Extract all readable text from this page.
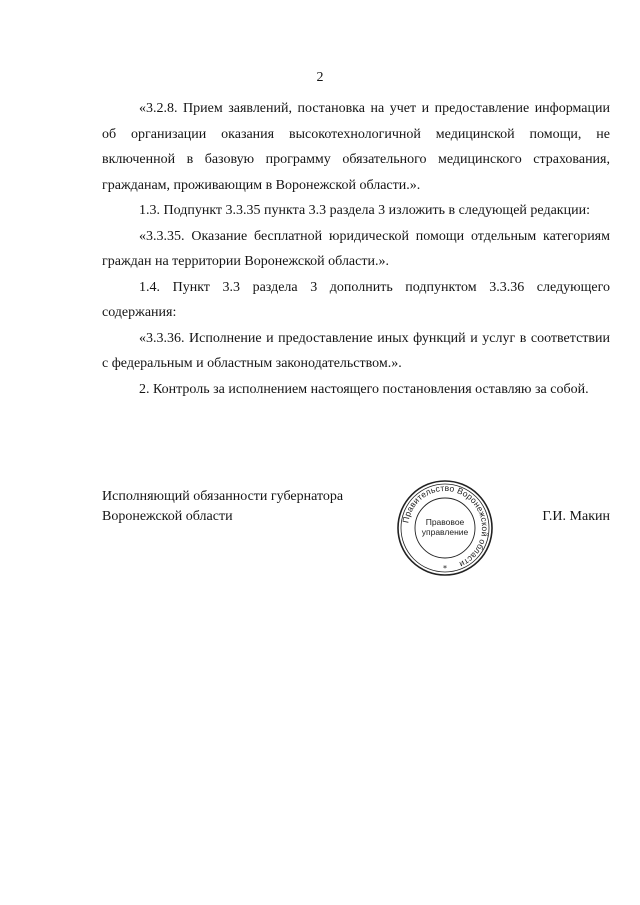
2

«3.2.8. Прием заявлений, постановка на учет и предоставление информации об организации оказания высокотехнологичной медицинской помощи, не включенной в базовую программу обязательного медицинского страхования, гражданам, проживающим в Воронежской области.».

1.3. Подпункт 3.3.35 пункта 3.3 раздела 3 изложить в следующей редакции:

«3.3.35. Оказание бесплатной юридической помощи отдельным категориям граждан на территории Воронежской области.».

1.4. Пункт 3.3 раздела 3 дополнить подпунктом 3.3.36 следующего содержания:

«3.3.36. Исполнение и предоставление иных функций и услуг в соответствии с федеральным и областным законодательством.».

2. Контроль за исполнением настоящего постановления оставляю за собой.

Исполняющий обязанности губернатора
Воронежской области	Правительство Воронежской области
Правовое
управление
*
Г.И. Макин
